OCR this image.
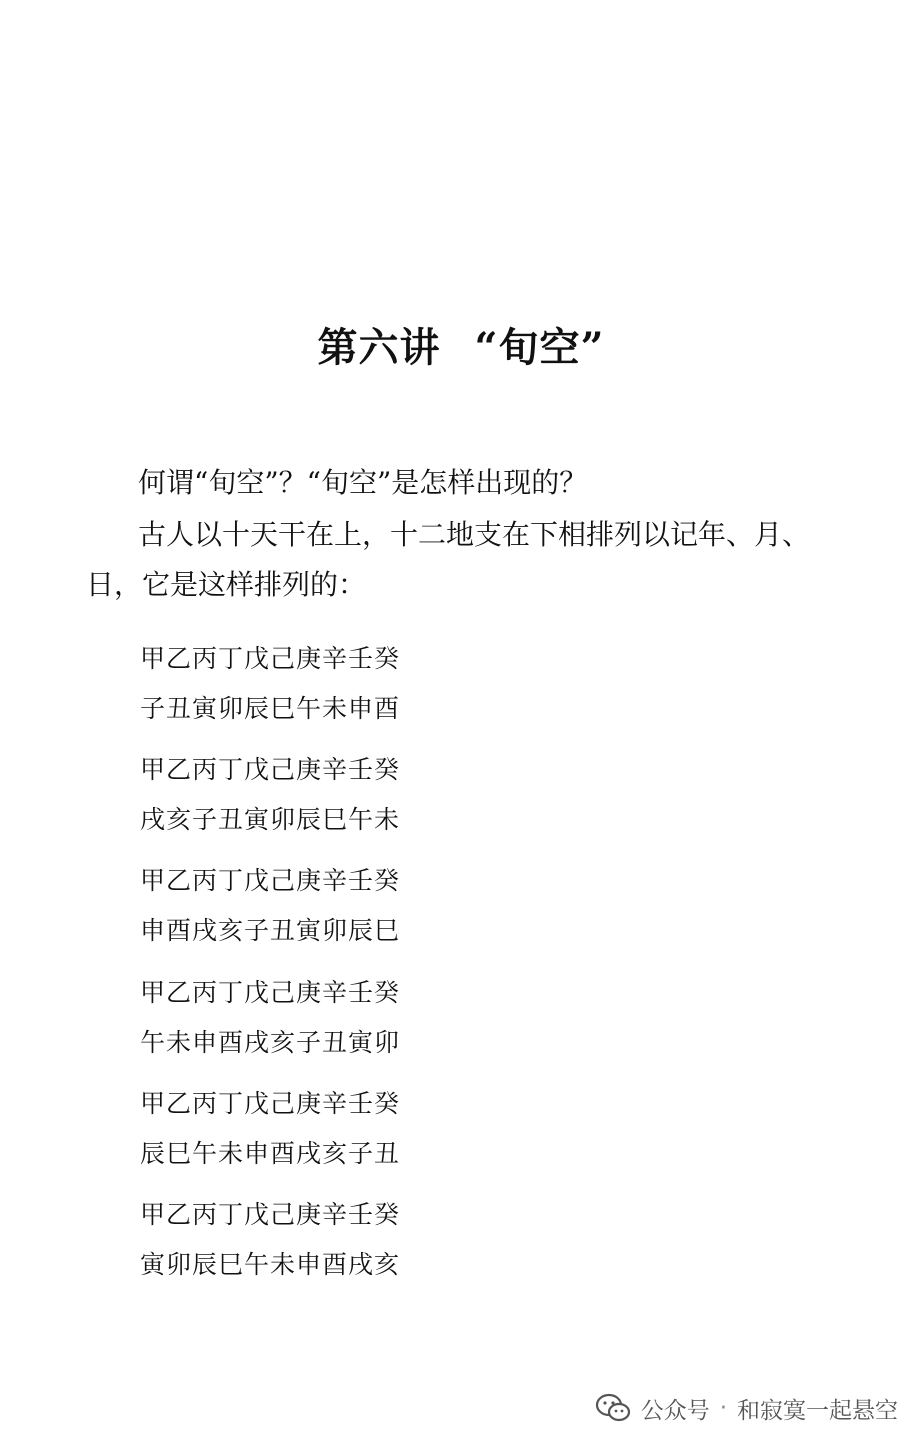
第六讲 “旬空”

何谓“旬空”？“旬空”是怎样出现的？

古人以十天干在上，十二地支在下相排列以记年、月、日，它是这样排列的：

甲乙丙丁戊己庚辛壬癸
子丑寅卯辰巳午未申酉
甲乙丙丁戊己庚辛壬癸
戌亥子丑寅卯辰巳午未
甲乙丙丁戊己庚辛壬癸
申酉戌亥子丑寅卯辰巳
甲乙丙丁戊己庚辛壬癸
午未申酉戌亥子丑寅卯
甲乙丙丁戊己庚辛壬癸
辰巳午未申酉戌亥子丑
甲乙丙丁戊己庚辛壬癸
寅卯辰巳午未申酉戌亥
公众号 · 和寂寞一起悬空
